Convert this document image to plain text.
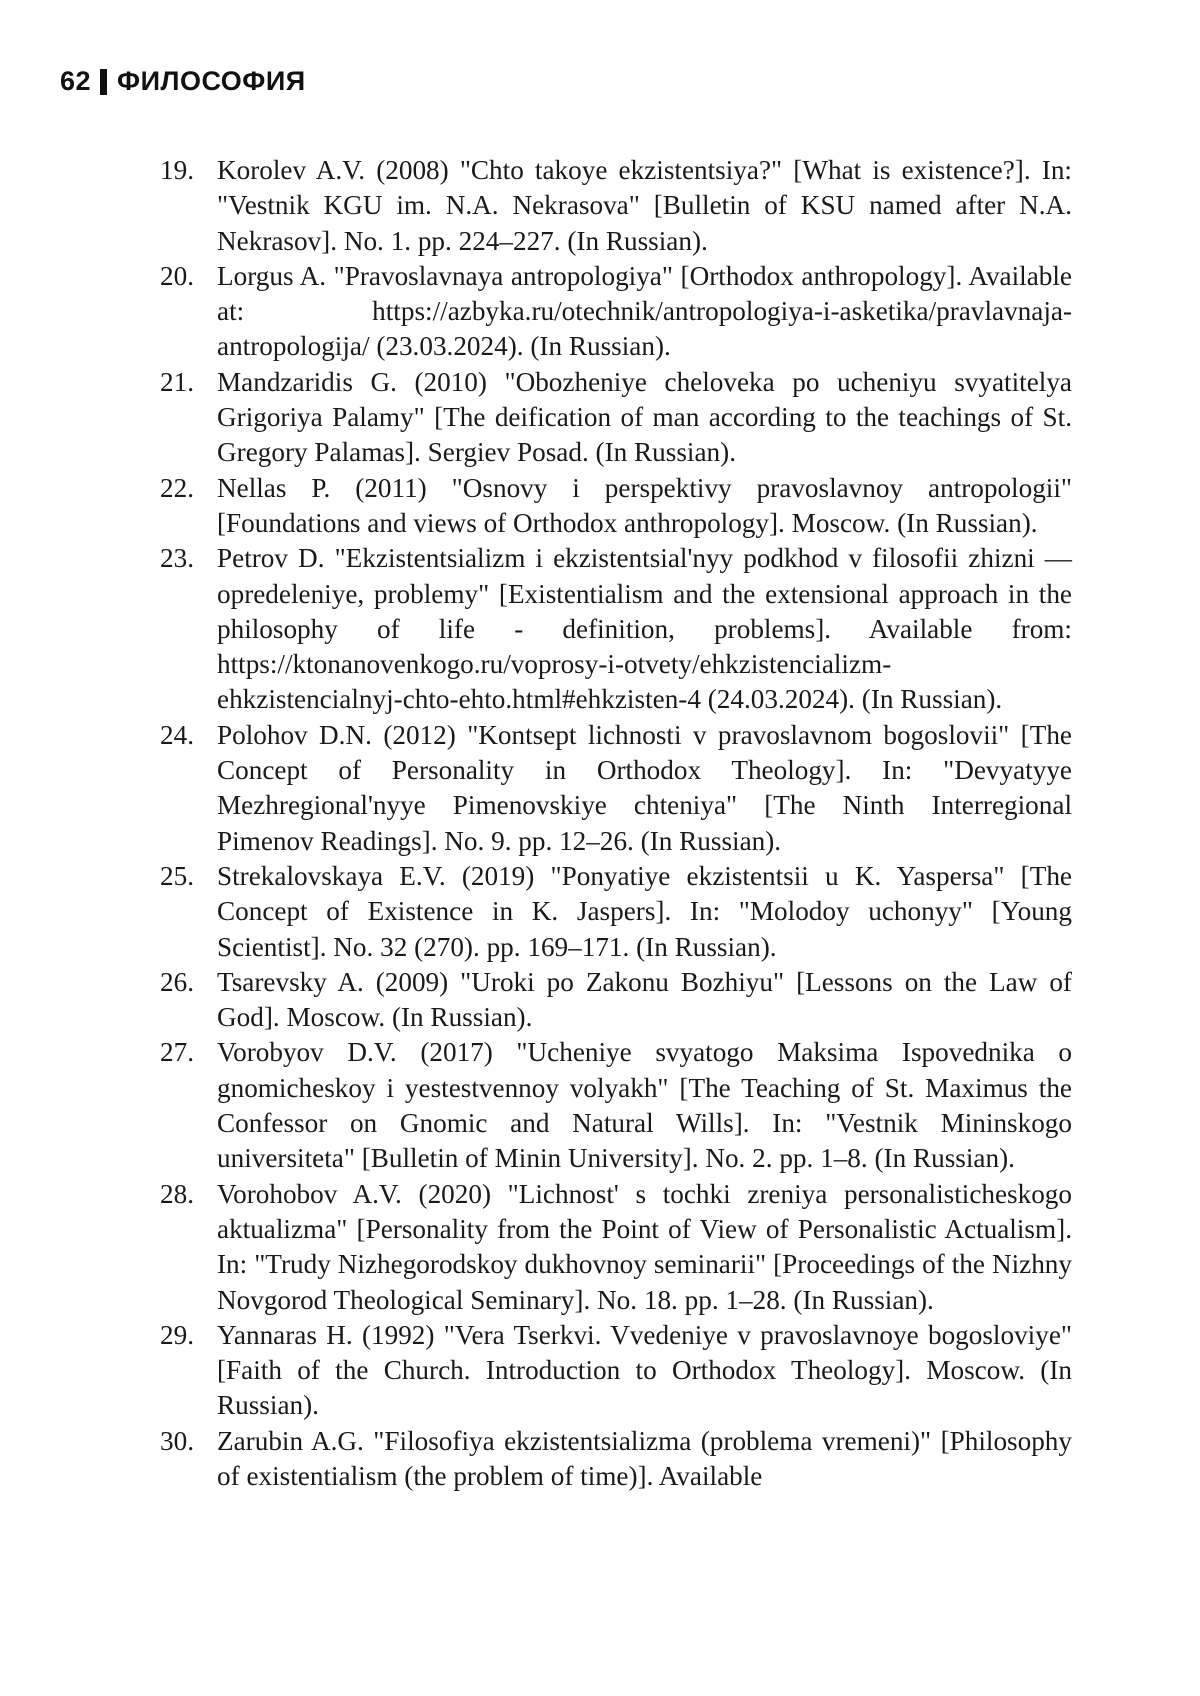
62 ФИЛОСОФИЯ
19. Korolev A.V. (2008) "Chto takoye ekzistentsiya?" [What is existence?]. In: "Vestnik KGU im. N.A. Nekrasova" [Bulletin of KSU named after N.A. Nekrasov]. No. 1. pp. 224–227. (In Russian).
20. Lorgus A. "Pravoslavnaya antropologiya" [Orthodox anthropology]. Available at: https://azbyka.ru/otechnik/antropologiya-i-asketika/pravlavnaja-antropologija/ (23.03.2024). (In Russian).
21. Mandzaridis G. (2010) "Obozheniye cheloveka po ucheniyu svyatitelya Grigoriya Palamy" [The deification of man according to the teachings of St. Gregory Palamas]. Sergiev Posad. (In Russian).
22. Nellas P. (2011) "Osnovy i perspektivy pravoslavnoy antropologii" [Foundations and views of Orthodox anthropology]. Moscow. (In Russian).
23. Petrov D. "Ekzistentsializm i ekzistentsial'nyy podkhod v filosofii zhizni — opredeleniye, problemy" [Existentialism and the extensional approach in the philosophy of life - definition, problems]. Available from: https://ktonanovenkogo.ru/voprosy-i-otvety/ehkzistencializm-ehkzistencialnyj-chto-ehto.html#ehkzisten-4 (24.03.2024). (In Russian).
24. Polohov D.N. (2012) "Kontsept lichnosti v pravoslavnom bogoslovii" [The Concept of Personality in Orthodox Theology]. In: "Devyatyye Mezhregional'nyye Pimenovskiye chteniya" [The Ninth Interregional Pimenov Readings]. No. 9. pp. 12–26. (In Russian).
25. Strekalovskaya E.V. (2019) "Ponyatiye ekzistentsii u K. Yaspersa" [The Concept of Existence in K. Jaspers]. In: "Molodoy uchonyy" [Young Scientist]. No. 32 (270). pp. 169–171. (In Russian).
26. Tsarevsky A. (2009) "Uroki po Zakonu Bozhiyu" [Lessons on the Law of God]. Moscow. (In Russian).
27. Vorobyov D.V. (2017) "Ucheniye svyatogo Maksima Ispovednika o gnomicheskoy i yestestvennoy volyakh" [The Teaching of St. Maximus the Confessor on Gnomic and Natural Wills]. In: "Vestnik Mininskogo universiteta" [Bulletin of Minin University]. No. 2. pp. 1–8. (In Russian).
28. Vorohobov A.V. (2020) "Lichnost' s tochki zreniya personalisticheskogo aktualizma" [Personality from the Point of View of Personalistic Actualism]. In: "Trudy Nizhegorodskoy dukhovnoy seminarii" [Proceedings of the Nizhny Novgorod Theological Seminary]. No. 18. pp. 1–28. (In Russian).
29. Yannaras H. (1992) "Vera Tserkvi. Vvedeniye v pravoslavnoye bogosloviye" [Faith of the Church. Introduction to Orthodox Theology]. Moscow. (In Russian).
30. Zarubin A.G. "Filosofiya ekzistentsializma (problema vremeni)" [Philosophy of existentialism (the problem of time)]. Available
